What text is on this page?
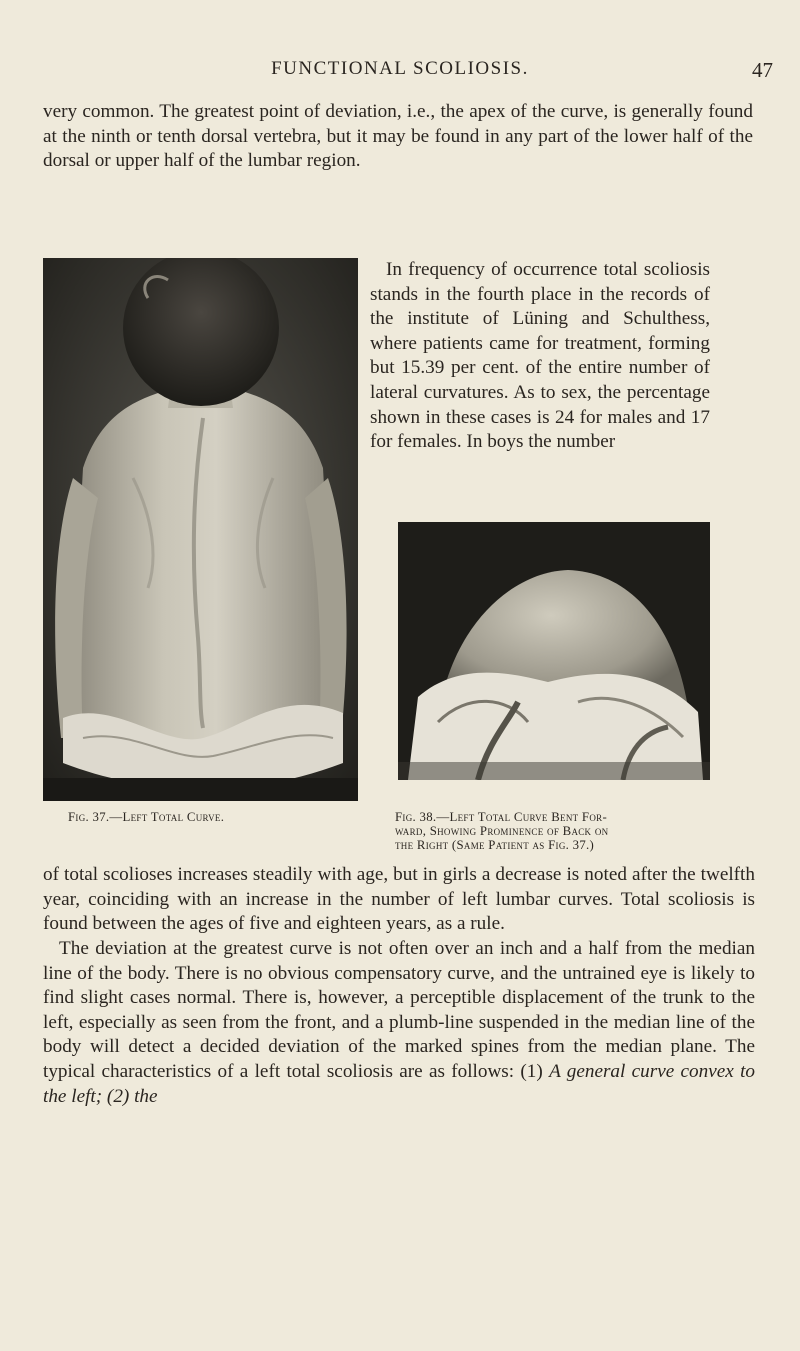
FUNCTIONAL SCOLIOSIS.	47

very common. The greatest point of deviation, i.e., the apex of the curve, is generally found at the ninth or tenth dorsal vertebra, but it may be found in any part of the lower half of the dorsal or upper half of the lumbar region.

In frequency of occurrence total scoliosis stands in the fourth place in the records of the institute of Lüning and Schulthess, where patients came for treatment, forming but 15.39 per cent. of the entire number of lateral curvatures. As to sex, the percentage shown in these cases is 24 for males and 17 for females. In boys the number

Fig. 37.—Left Total Curve.	Fig. 38.—Left Total Curve Bent For-
ward, Showing Prominence of Back on
the Right (Same Patient as Fig. 37.)

of total scolioses increases steadily with age, but in girls a decrease is noted after the twelfth year, coinciding with an increase in the number of left lumbar curves. Total scoliosis is found between the ages of five and eighteen years, as a rule.

The deviation at the greatest curve is not often over an inch and a half from the median line of the body. There is no obvious compensatory curve, and the untrained eye is likely to find slight cases normal. There is, however, a perceptible displacement of the trunk to the left, especially as seen from the front, and a plumb-line suspended in the median line of the body will detect a decided deviation of the marked spines from the median plane. The typical characteristics of a left total scoliosis are as follows: (1) A general curve convex to the left; (2) the
